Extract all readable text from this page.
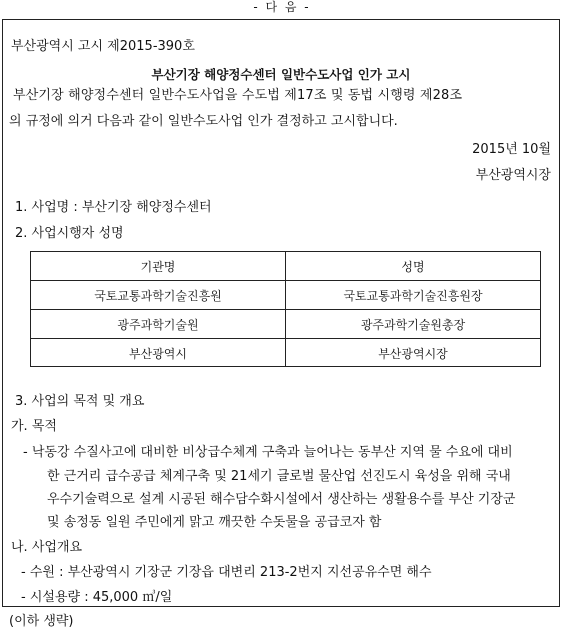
- 다 음 -
부산광역시 고시 제2015-390호
부산기장 해양정수센터 일반수도사업 인가 고시
부산기장 해양정수센터 일반수도사업을 수도법 제17조 및 동법 시행령 제28조
의 규정에 의거 다음과 같이 일반수도사업 인가 결정하고 고시합니다.
2015년 10월
부산광역시장
1. 사업명 : 부산기장 해양정수센터
2. 사업시행자 성명
기관명	성명
국토교통과학기술진흥원	국토교통과학기술진흥원장
광주과학기술원	광주과학기술원총장
부산광역시	부산광역시장
3. 사업의 목적 및 개요
가. 목적
- 낙동강 수질사고에 대비한 비상급수체계 구축과 늘어나는 동부산 지역 물 수요에 대비
한 근거리 급수공급 체계구축 및 21세기 글로벌 물산업 선진도시 육성을 위해 국내
우수기술력으로 설계 시공된 해수담수화시설에서 생산하는 생활용수를 부산 기장군
및 송정동 일원 주민에게 맑고 깨끗한 수돗물을 공급코자 함
나. 사업개요
- 수원 : 부산광역시 기장군 기장읍 대변리 213-2번지 지선공유수면 해수
- 시설용량 : 45,000 ㎥/일
(이하 생략)
